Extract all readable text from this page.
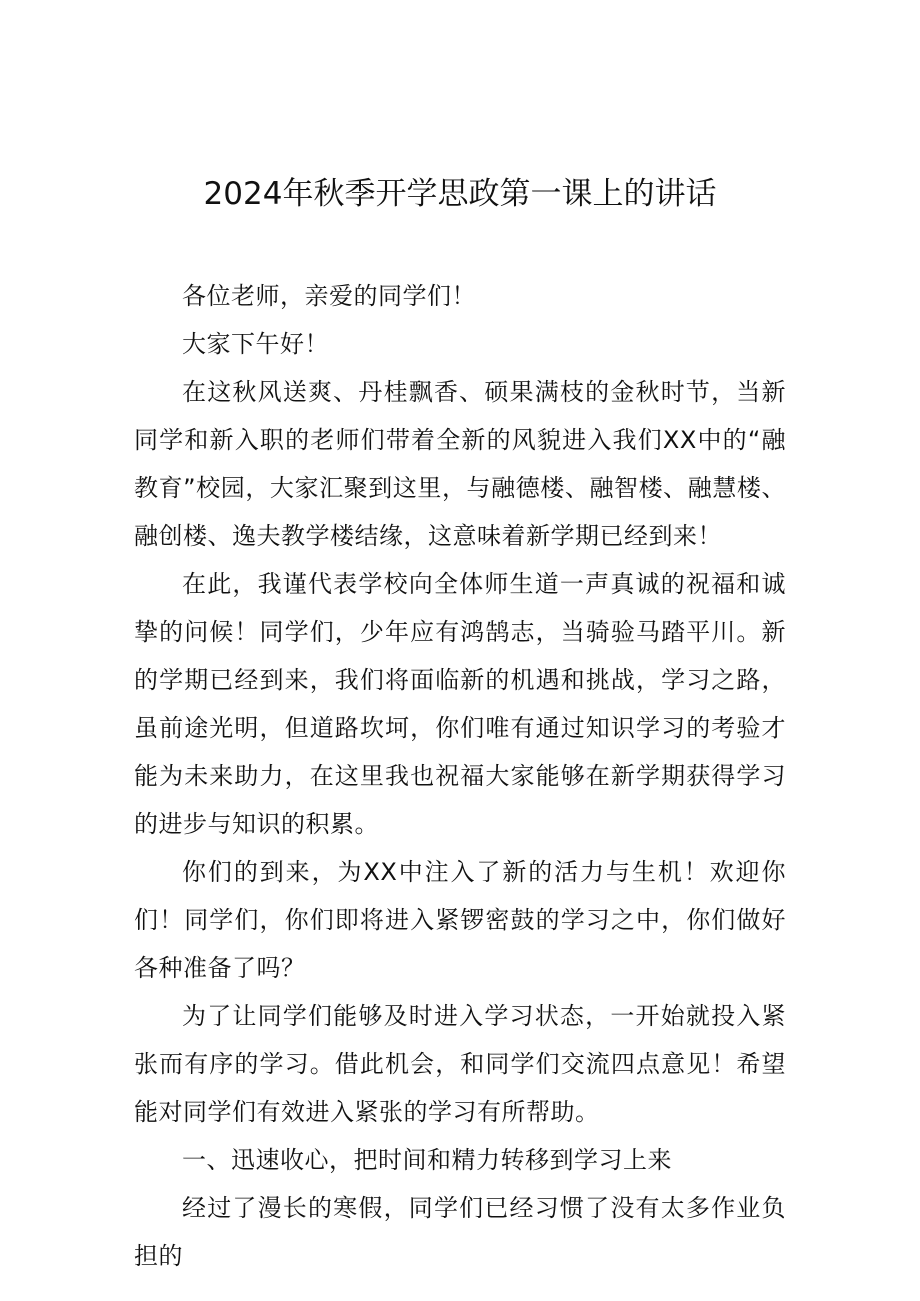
2024年秋季开学思政第一课上的讲话

各位老师，亲爱的同学们！

大家下午好！

在这秋风送爽、丹桂飘香、硕果满枝的金秋时节，当新同学和新入职的老师们带着全新的风貌进入我们XX中的“融教育”校园，大家汇聚到这里，与融德楼、融智楼、融慧楼、融创楼、逸夫教学楼结缘，这意味着新学期已经到来！

在此，我谨代表学校向全体师生道一声真诚的祝福和诚挚的问候！同学们，少年应有鸿鹄志，当骑验马踏平川。新的学期已经到来，我们将面临新的机遇和挑战，学习之路，虽前途光明，但道路坎坷，你们唯有通过知识学习的考验才能为未来助力，在这里我也祝福大家能够在新学期获得学习的进步与知识的积累。

你们的到来，为XX中注入了新的活力与生机！欢迎你们！同学们，你们即将进入紧锣密鼓的学习之中，你们做好各种准备了吗？

为了让同学们能够及时进入学习状态，一开始就投入紧张而有序的学习。借此机会，和同学们交流四点意见！希望能对同学们有效进入紧张的学习有所帮助。

一、迅速收心，把时间和精力转移到学习上来

经过了漫长的寒假，同学们已经习惯了没有太多作业负担的
